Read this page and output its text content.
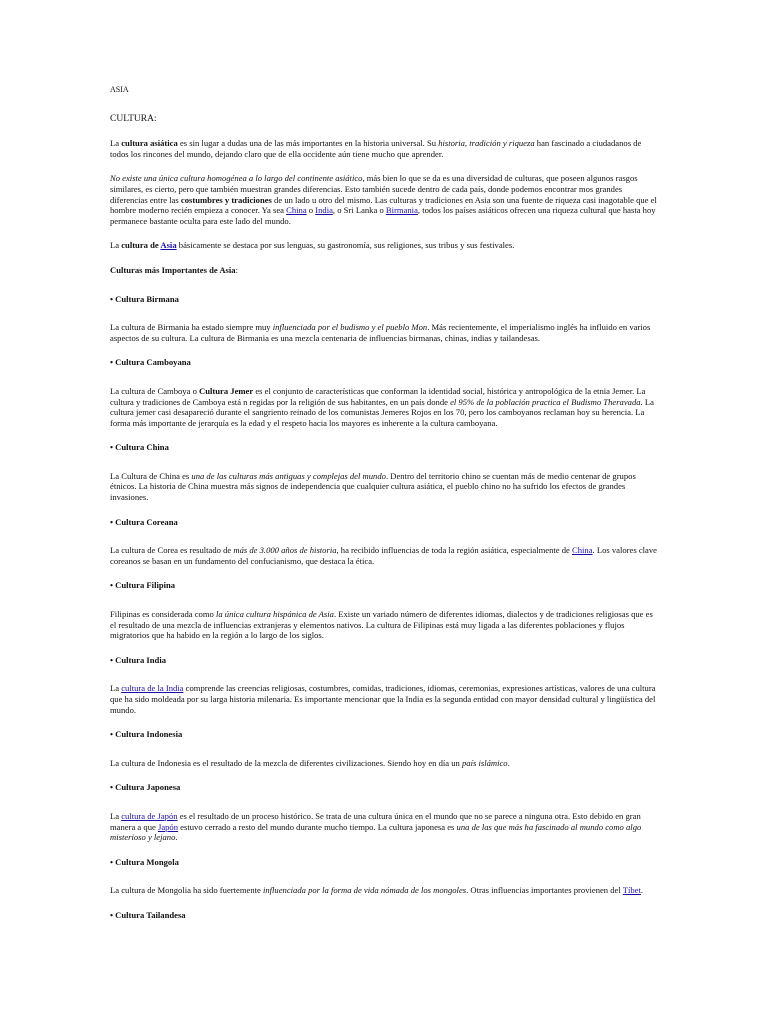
ASIA
CULTURA:

La cultura asiática es sin lugar a dudas una de las más importantes en la historia universal. Su historia, tradición y riqueza han fascinado a ciudadanos de todos los rincones del mundo, dejando claro que de ella occidente aún tiene mucho que aprender.

No existe una única cultura homogénea a lo largo del continente asiático, más bien lo que se da es una diversidad de culturas, que poseen algunos rasgos similares, es cierto, pero que también muestran grandes diferencias. Esto también sucede dentro de cada país, donde podemos encontrar mos grandes diferencias entre las costumbres y tradiciones de un lado u otro del mismo. Las culturas y tradiciones en Asia son una fuente de riqueza casi inagotable que el hombre moderno recién empieza a conocer. Ya sea China o India, o Sri Lanka o Birmania, todos los países asiáticos ofrecen una riqueza cultural que hasta hoy permanece bastante oculta para este lado del mundo.

La cultura de Asia básicamente se destaca por sus lenguas, su gastronomía, sus religiones, sus tribus y sus festivales.

Culturas más Importantes de Asia:
• Cultura Birmana

La cultura de Birmania ha estado siempre muy influenciada por el budismo y el pueblo Mon. Más recientemente, el imperialismo inglés ha influido en varios aspectos de su cultura. La cultura de Birmania es una mezcla centenaria de influencias birmanas, chinas, indias y tailandesas.

• Cultura Camboyana

La cultura de Camboya o Cultura Jemer es el conjunto de características que conforman la identidad social, histórica y antropológica de la etnia Jemer. La cultura y tradiciones de Camboya está n regidas por la religión de sus habitantes, en un país donde el 95% de la población practica el Budismo Theravada. La cultura jemer casi desapareció durante el sangriento reinado de los comunistas Jemeres Rojos en los 70, pero los camboyanos reclaman hoy su herencia. La forma más importante de jerarquía es la edad y el respeto hacia los mayores es inherente a la cultura camboyana.

• Cultura China

La Cultura de China es una de las culturas más antiguas y complejas del mundo. Dentro del territorio chino se cuentan más de medio centenar de grupos étnicos. La historia de China muestra más signos de independencia que cualquier cultura asiática, el pueblo chino no ha sufrido los efectos de grandes invasiones.

• Cultura Coreana

La cultura de Corea es resultado de más de 3.000 años de historia, ha recibido influencias de toda la región asiática, especialmente de China. Los valores clave coreanos se basan en un fundamento del confucianismo, que destaca la ética.

• Cultura Filipina

Filipinas es considerada como la única cultura hispánica de Asia. Existe un variado número de diferentes idiomas, dialectos y de tradiciones religiosas que es el resultado de una mezcla de influencias extranjeras y elementos nativos. La cultura de Filipinas está muy ligada a las diferentes poblaciones y flujos migratorios que ha habido en la región a lo largo de los siglos.

• Cultura India

La cultura de la India comprende las creencias religiosas, costumbres, comidas, tradiciones, idiomas, ceremonias, expresiones artísticas, valores de una cultura que ha sido moldeada por su larga historia milenaria. Es importante mencionar que la India es la segunda entidad con mayor densidad cultural y lingüística del mundo.

• Cultura Indonesia

La cultura de Indonesia es el resultado de la mezcla de diferentes civilizaciones. Siendo hoy en día un país islámico.

• Cultura Japonesa

La cultura de Japón es el resultado de un proceso histórico. Se trata de una cultura única en el mundo que no se parece a ninguna otra. Esto debido en gran manera a que Japón estuvo cerrado a resto del mundo durante mucho tiempo. La cultura japonesa es una de las que más ha fascinado al mundo como algo misterioso y lejano.

• Cultura Mongola

La cultura de Mongolia ha sido fuertemente influenciada por la forma de vida nómada de los mongoles. Otras influencias importantes provienen del Tíbet.

• Cultura Tailandesa
